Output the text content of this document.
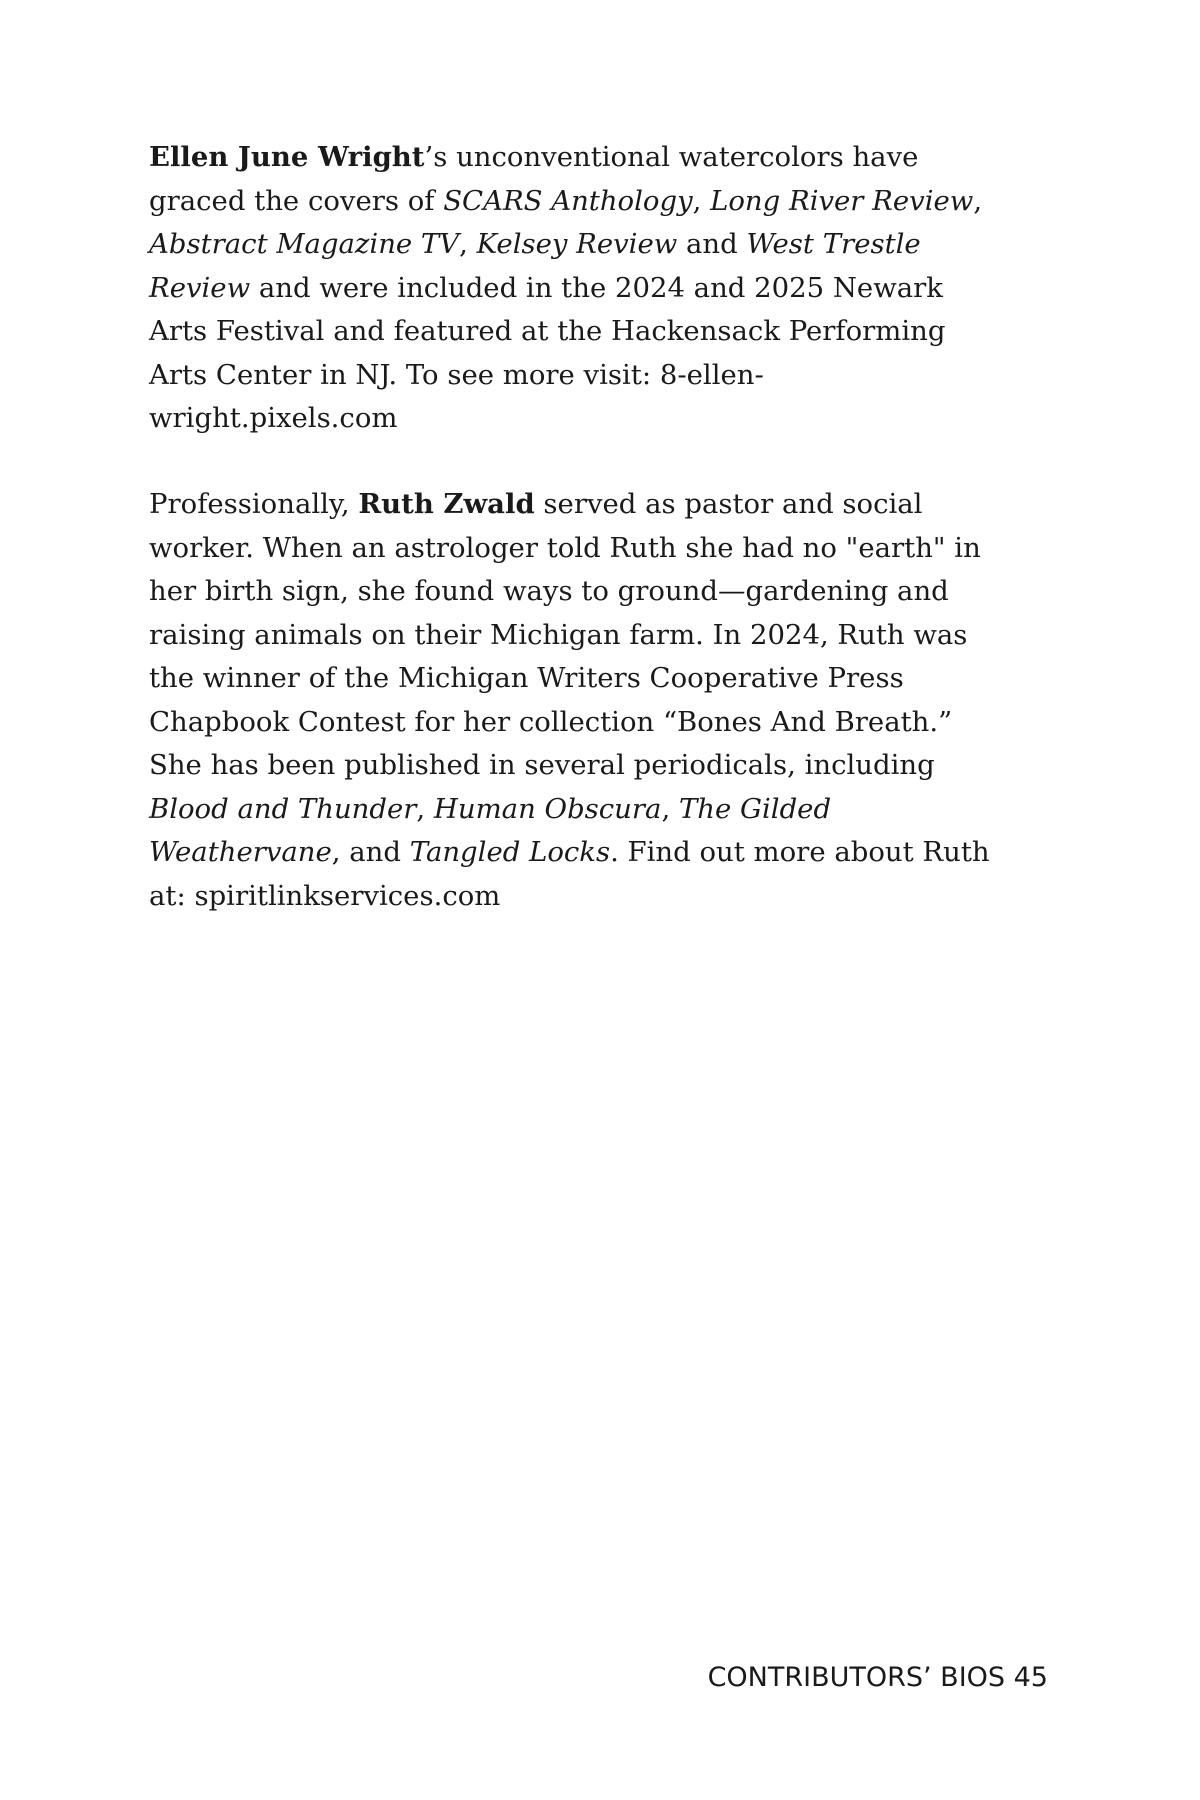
Ellen June Wright’s unconventional watercolors have
graced the covers of SCARS Anthology, Long River Review,
Abstract Magazine TV, Kelsey Review and West Trestle
Review and were included in the 2024 and 2025 Newark
Arts Festival and featured at the Hackensack Performing
Arts Center in NJ. To see more visit: 8-ellen-
wright.pixels.com
Professionally, Ruth Zwald served as pastor and social
worker. When an astrologer told Ruth she had no "earth" in
her birth sign, she found ways to ground—gardening and
raising animals on their Michigan farm. In 2024, Ruth was
the winner of the Michigan Writers Cooperative Press
Chapbook Contest for her collection “Bones And Breath.”
She has been published in several periodicals, including
Blood and Thunder, Human Obscura, The Gilded
Weathervane, and Tangled Locks. Find out more about Ruth
at: spiritlinkservices.com
CONTRIBUTORS’ BIOS 45
